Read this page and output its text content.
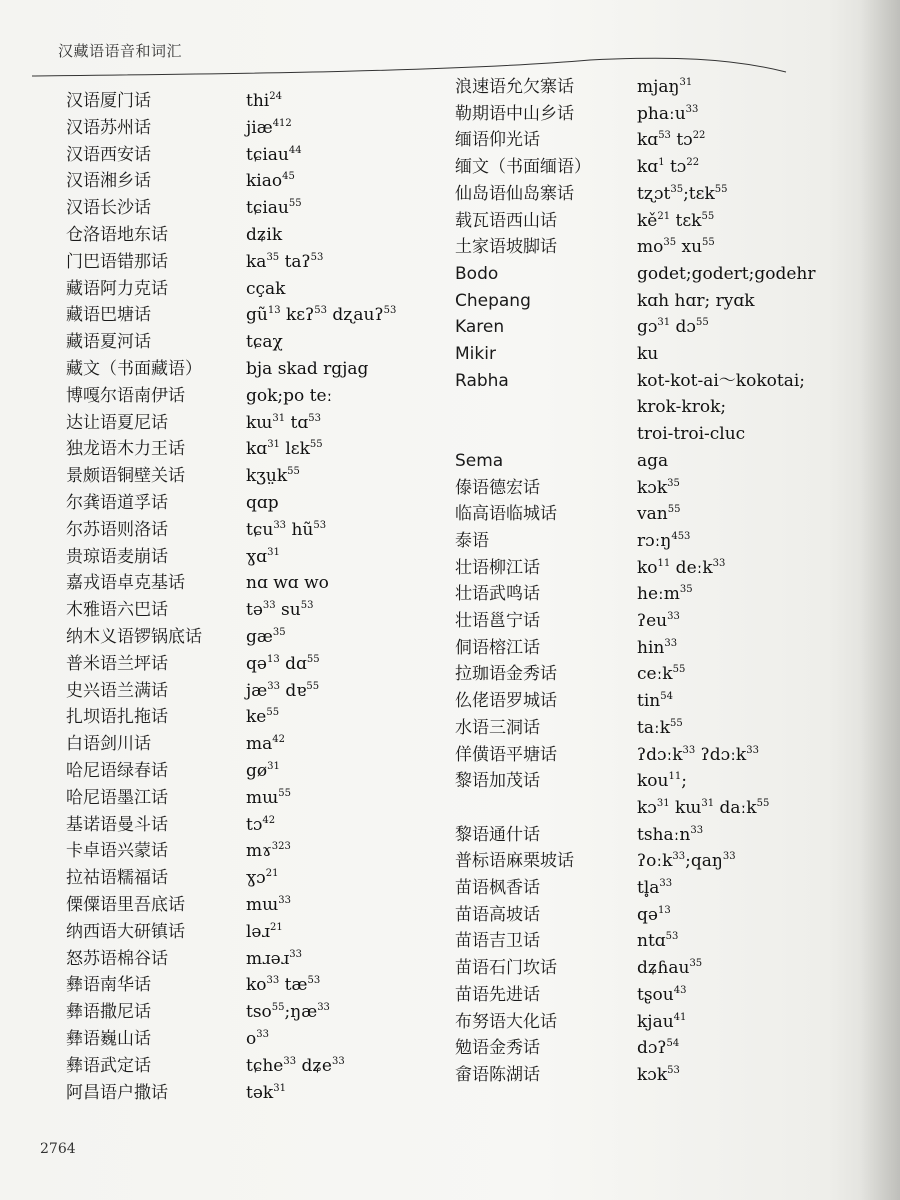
汉藏语语音和词汇
汉语厦门话	thi$^{24}$
汉语苏州话	jiæ$^{412}$
汉语西安话	tɕiau$^{44}$
汉语湘乡话	kiao$^{45}$
汉语长沙话	tɕiau$^{55}$
仓洛语地东话	dʑik
门巴语错那话	$ka^{35}$ taʔ$^{53}$
藏语阿力克话	cçak
藏语巴塘话	$gũ^{13}$ kɛʔ$^{53}$ dʐauʔ$^{53}$
藏语夏河话	tɕaχ
藏文（书面藏语）	bja skad rgjag
博嘎尔语南伊话	gok;po teː
达让语夏尼话	kɯ$^{31}$ tɑ$^{53}$
独龙语木力王话	kɑ$^{31}$ lɛk$^{55}$
景颇语铜壁关话	kʒṳk$^{55}$
尔龚语道孚话	qɑp
尔苏语则洛话	tɕu$^{33}$ $hũ^{53}$
贵琼语麦崩话	ɣɑ$^{31}$
嘉戎语卓克基话	nɑ wɑ wo
木雅语六巴话	tə$^{33}$ $su^{53}$
纳木义语锣锅底话	$gæ^{35}$
普米语兰坪话	qə$^{13}$ dɑ$^{55}$
史兴语兰满话	$jæ^{33}$ dɐ$^{55}$
扎坝语扎拖话	$ke^{55}$
白语剑川话	$ma^{42}$
哈尼语绿春话	$gø^{31}$
哈尼语墨江话	mɯ$^{55}$
基诺语曼斗话	tɔ$^{42}$
卡卓语兴蒙话	mɤ$^{323}$
拉祜语糯福话	ɣɔ$^{21}$
傈僳语里吾底话	mɯ$^{33}$
纳西语大研镇话	ləɹ$^{21}$
怒苏语棉谷话	mɹəɹ$^{33}$
彝语南华话	$ko^{33}$ $tæ^{53}$
彝语撒尼话	$tso^{55};ŋæ^{33}$
彝语巍山话	$o^{33}$
彝语武定话	tɕhe$^{33}$ dʑe$^{33}$
阿昌语户撒话	tək$^{31}$
浪速语允欠寨话	mjaŋ$^{31}$
勒期语中山乡话	phaːu$^{33}$
缅语仰光话	kɑ$^{53}$ tɔ$^{22}$
缅文（书面缅语）	kɑ$^1$ tɔ$^{22}$
仙岛语仙岛寨话	tʐɔt$^{35}$;tɛk$^{55}$
载瓦语西山话	$kě^{21}$ tɛk$^{55}$
土家语坡脚话	$mo^{35}$ $xu^{55}$
Bodo	godet;godert;godehr
Chepang	kɑh hɑr; ryɑk
Karen	gɔ$^{31}$ dɔ$^{55}$
Mikir	ku
Rabha	kot-kot-ai～kokotai;
krok-krok;
troi-troi-cluc
Sema	aga
傣语德宏话	kɔk$^{35}$
临高语临城话	van$^{55}$
泰语	rɔːŋ$^{453}$
壮语柳江话	$ko^{11}$ deːk$^{33}$
壮语武鸣话	heːm$^{35}$
壮语邕宁话	ʔeu$^{33}$
侗语榕江话	hin$^{33}$
拉珈语金秀话	ceːk$^{55}$
仫佬语罗城话	tin$^{54}$
水语三洞话	taːk$^{55}$
佯僙语平塘话	ʔdɔːk$^{33}$ ʔdɔːk$^{33}$
黎语加茂话	kou$^{11}$;
kɔ$^{31}$ kɯ$^{31}$ daːk$^{55}$
黎语通什话	tshaːn$^{33}$
普标语麻栗坡话	ʔoːk$^{33}$;qaŋ$^{33}$
苗语枫香话	$tl̥a^{33}$
苗语高坡话	qə$^{13}$
苗语吉卫话	ntɑ$^{53}$
苗语石门坎话	dʑɦau$^{35}$
苗语先进话	tʂou$^{43}$
布努语大化话	kjau$^{41}$
勉语金秀话	dɔʔ$^{54}$
畲语陈湖话	kɔk$^{53}$
2764
